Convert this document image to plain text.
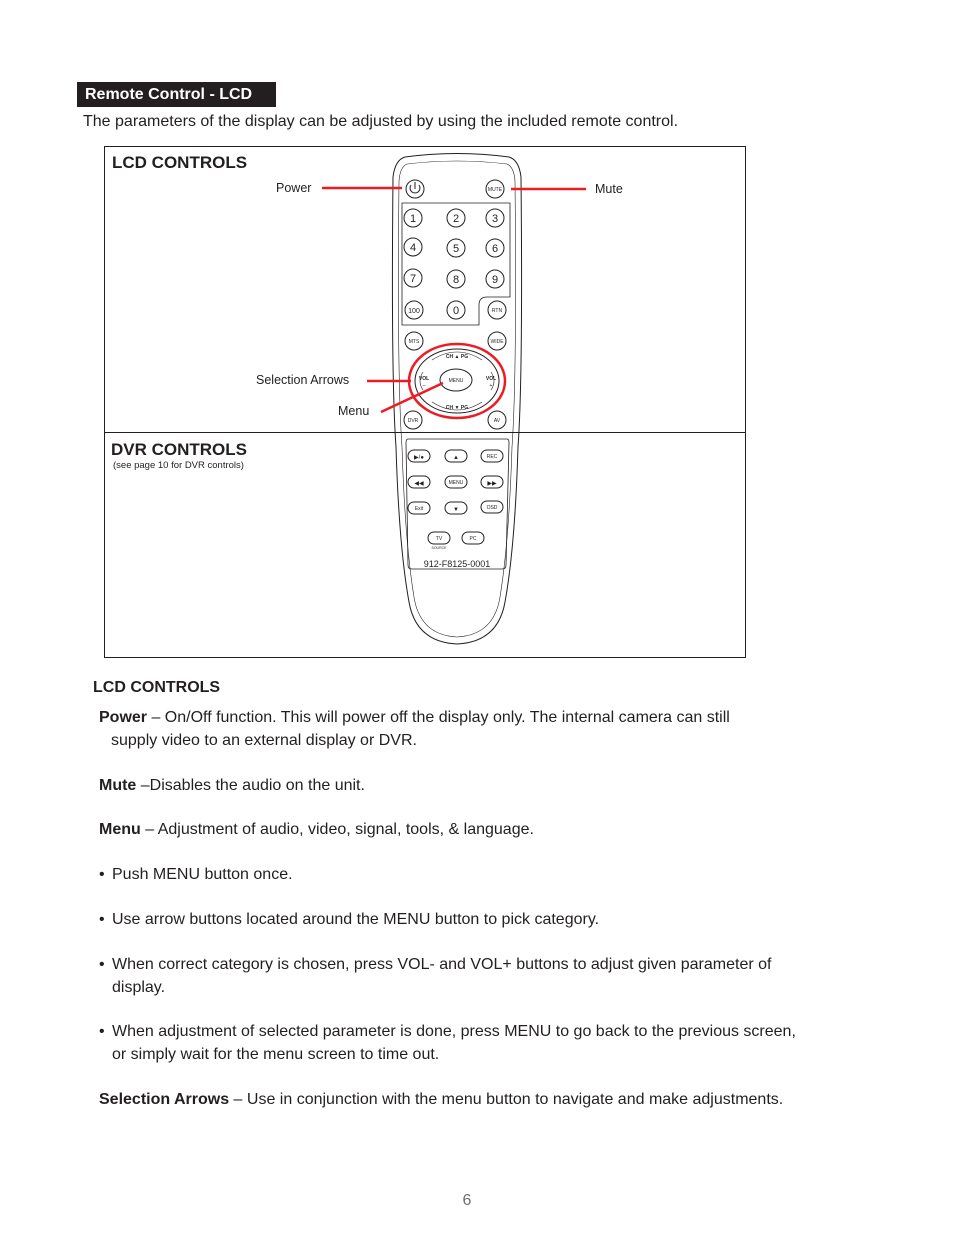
Remote Control - LCD
The parameters of the display can be adjusted by using the included remote control.
LCD CONTROLS
DVR CONTROLS
(see page 10 for DVR controls)
Power	Mute
Selection Arrows
Menu
MUTE
1	2	3
4	5	6
7	8	9
100	0	RTN
MTS	WIDE
MENU
CH ▲ PG
CH ▼ PG
VOL
–
VOL
+
DVR	AV
▶/●	▲	REC
◀◀	MENU	▶▶
Exit	▼	OSD
TV	PC
SOURCE
912-F8125-0001
LCD CONTROLS
Power – On/Off function. This will power off the display only. The internal camera can still
supply video to an external display or DVR.
Mute –Disables the audio on the unit.
Menu – Adjustment of audio, video, signal, tools, & language.
• Push MENU button once.
• Use arrow buttons located around the MENU button to pick category.
• When correct category is chosen, press VOL- and VOL+ buttons to adjust given parameter of
display.
• When adjustment of selected parameter is done, press MENU to go back to the previous screen,
or simply wait for the menu screen to time out.
Selection Arrows – Use in conjunction with the menu button to navigate and make adjustments.
6
